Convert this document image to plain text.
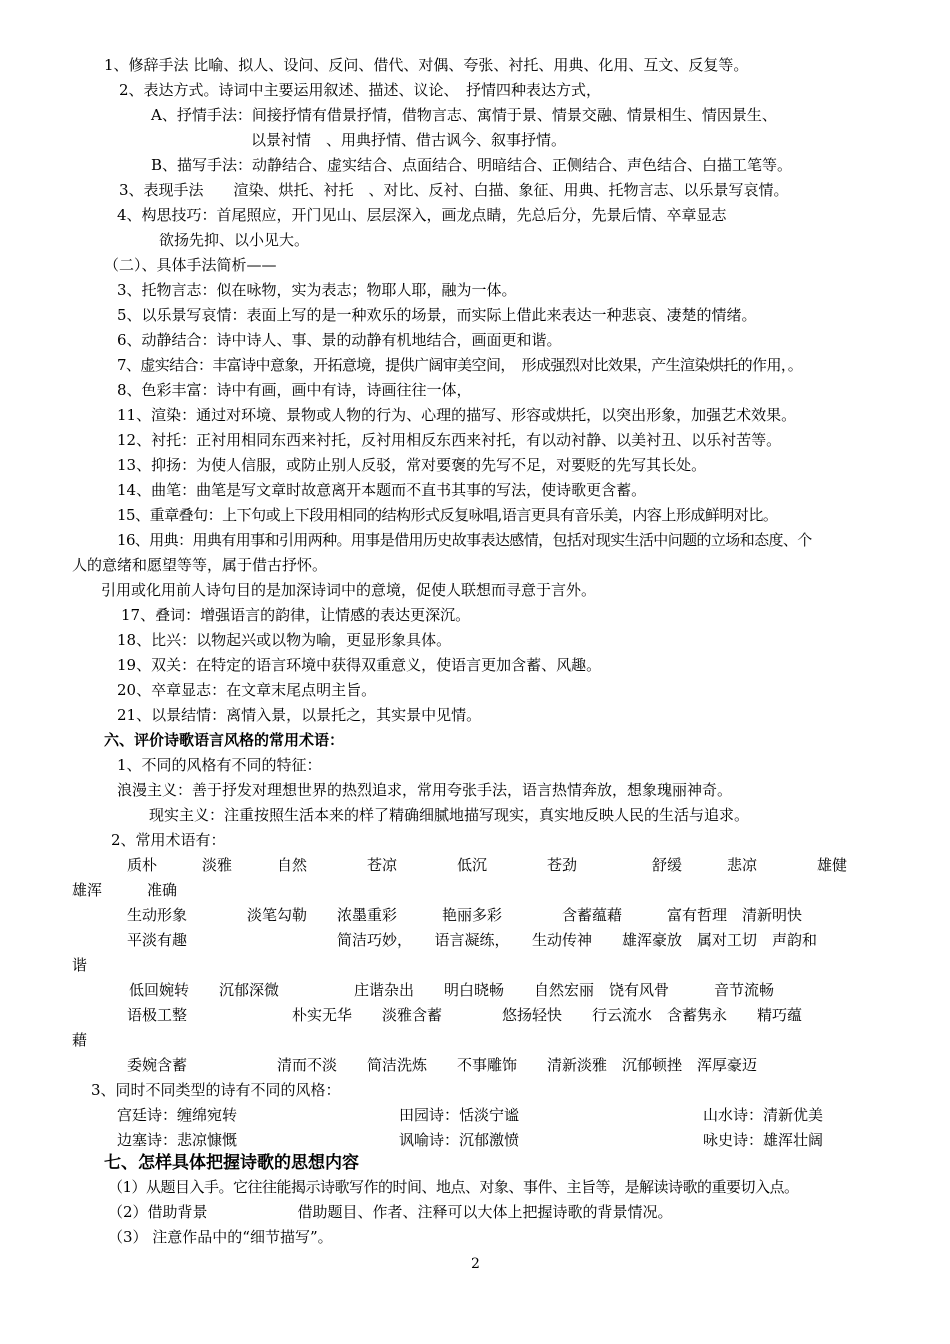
1、修辞手法 比喻、拟人、设问、反问、借代、对偶、夸张、衬托、用典、化用、互文、反复等。
2、表达方式。诗词中主要运用叙述、描述、议论、　抒情四种表达方式，
A、抒情手法：间接抒情有借景抒情，借物言志、寓情于景、情景交融、情景相生、情因景生、
以景衬情　、用典抒情、借古讽今、叙事抒情。
B、描写手法：动静结合、虚实结合、点面结合、明暗结合、正侧结合、声色结合、白描工笔等。
3、表现手法　　渲染、烘托、衬托　、对比、反衬、白描、象征、用典、托物言志、以乐景写哀情。
4、构思技巧：首尾照应，开门见山、层层深入，画龙点睛，先总后分，先景后情、卒章显志
欲扬先抑、以小见大。
（二）、具体手法简析——
3、托物言志：似在咏物，实为表志；物耶人耶，融为一体。
5、以乐景写哀情：表面上写的是一种欢乐的场景，而实际上借此来表达一种悲哀、凄楚的情绪。
6、动静结合：诗中诗人、事、景的动静有机地结合，画面更和谐。
7、虚实结合：丰富诗中意象，开拓意境，提供广阔审美空间，　形成强烈对比效果，产生渲染烘托的作用，。
8、色彩丰富：诗中有画，画中有诗，诗画往往一体，
11、渲染：通过对环境、景物或人物的行为、心理的描写、形容或烘托，以突出形象，加强艺术效果。
12、衬托：正衬用相同东西来衬托，反衬用相反东西来衬托，有以动衬静、以美衬丑、以乐衬苦等。
13、抑扬：为使人信服，或防止别人反驳，常对要褒的先写不足，对要贬的先写其长处。
14、曲笔：曲笔是写文章时故意离开本题而不直书其事的写法，使诗歌更含蓄。
15、重章叠句：上下句或上下段用相同的结构形式反复咏唱,语言更具有音乐美，内容上形成鲜明对比。
16、用典：用典有用事和引用两种。用事是借用历史故事表达感情，包括对现实生活中问题的立场和态度、个
人的意绪和愿望等等，属于借古抒怀。
引用或化用前人诗句目的是加深诗词中的意境，促使人联想而寻意于言外。
17、叠词：增强语言的韵律，让情感的表达更深沉。
18、比兴：以物起兴或以物为喻，更显形象具体。
19、双关：在特定的语言环境中获得双重意义，使语言更加含蓄、风趣。
20、卒章显志：在文章末尾点明主旨。
21、以景结情：离情入景，以景托之，其实景中见情。
六、评价诗歌语言风格的常用术语：
1、不同的风格有不同的特征：
浪漫主义：善于抒发对理想世界的热烈追求，常用夸张手法，语言热情奔放，想象瑰丽神奇。
现实主义：注重按照生活本来的样了精确细腻地描写现实，真实地反映人民的生活与追求。
2、常用术语有：
质朴　　　淡雅　　　自然　　　　苍凉　　　　低沉　　　　苍劲　　　　　舒缓　　　悲凉　　　　雄健
雄浑　　　准确
生动形象　　　　淡笔勾勒　　浓墨重彩　　　艳丽多彩　　　　含蓄蕴藉　　　富有哲理　清新明快
平淡有趣　　　　　　　　　　简洁巧妙，　　语言凝练，　　生动传神　　雄浑豪放　属对工切　声韵和
谐
低回婉转　　沉郁深微　　　　　庄谐杂出　　明白晓畅　　自然宏丽　饶有风骨　　　音节流畅
语极工整　　　　　　　朴实无华　　淡雅含蓄　　　　悠扬轻快　　行云流水　含蓄隽永　　精巧蕴
藉
委婉含蓄　　　　　　清而不淡　　简洁洗炼　　不事雕饰　　清新淡雅　沉郁顿挫　浑厚豪迈
3、同时不同类型的诗有不同的风格：
宫廷诗：缠绵宛转	田园诗：恬淡宁谧	山水诗：清新优美
边塞诗：悲凉慷慨	讽喻诗：沉郁激愤	咏史诗：雄浑壮阔
七、怎样具体把握诗歌的思想内容
（1）从题目入手。它往往能揭示诗歌写作的时间、地点、对象、事件、主旨等，是解读诗歌的重要切入点。
（2）借助背景　　　　　　借助题目、作者、注释可以大体上把握诗歌的背景情况。
（3） 注意作品中的“细节描写”。
2
